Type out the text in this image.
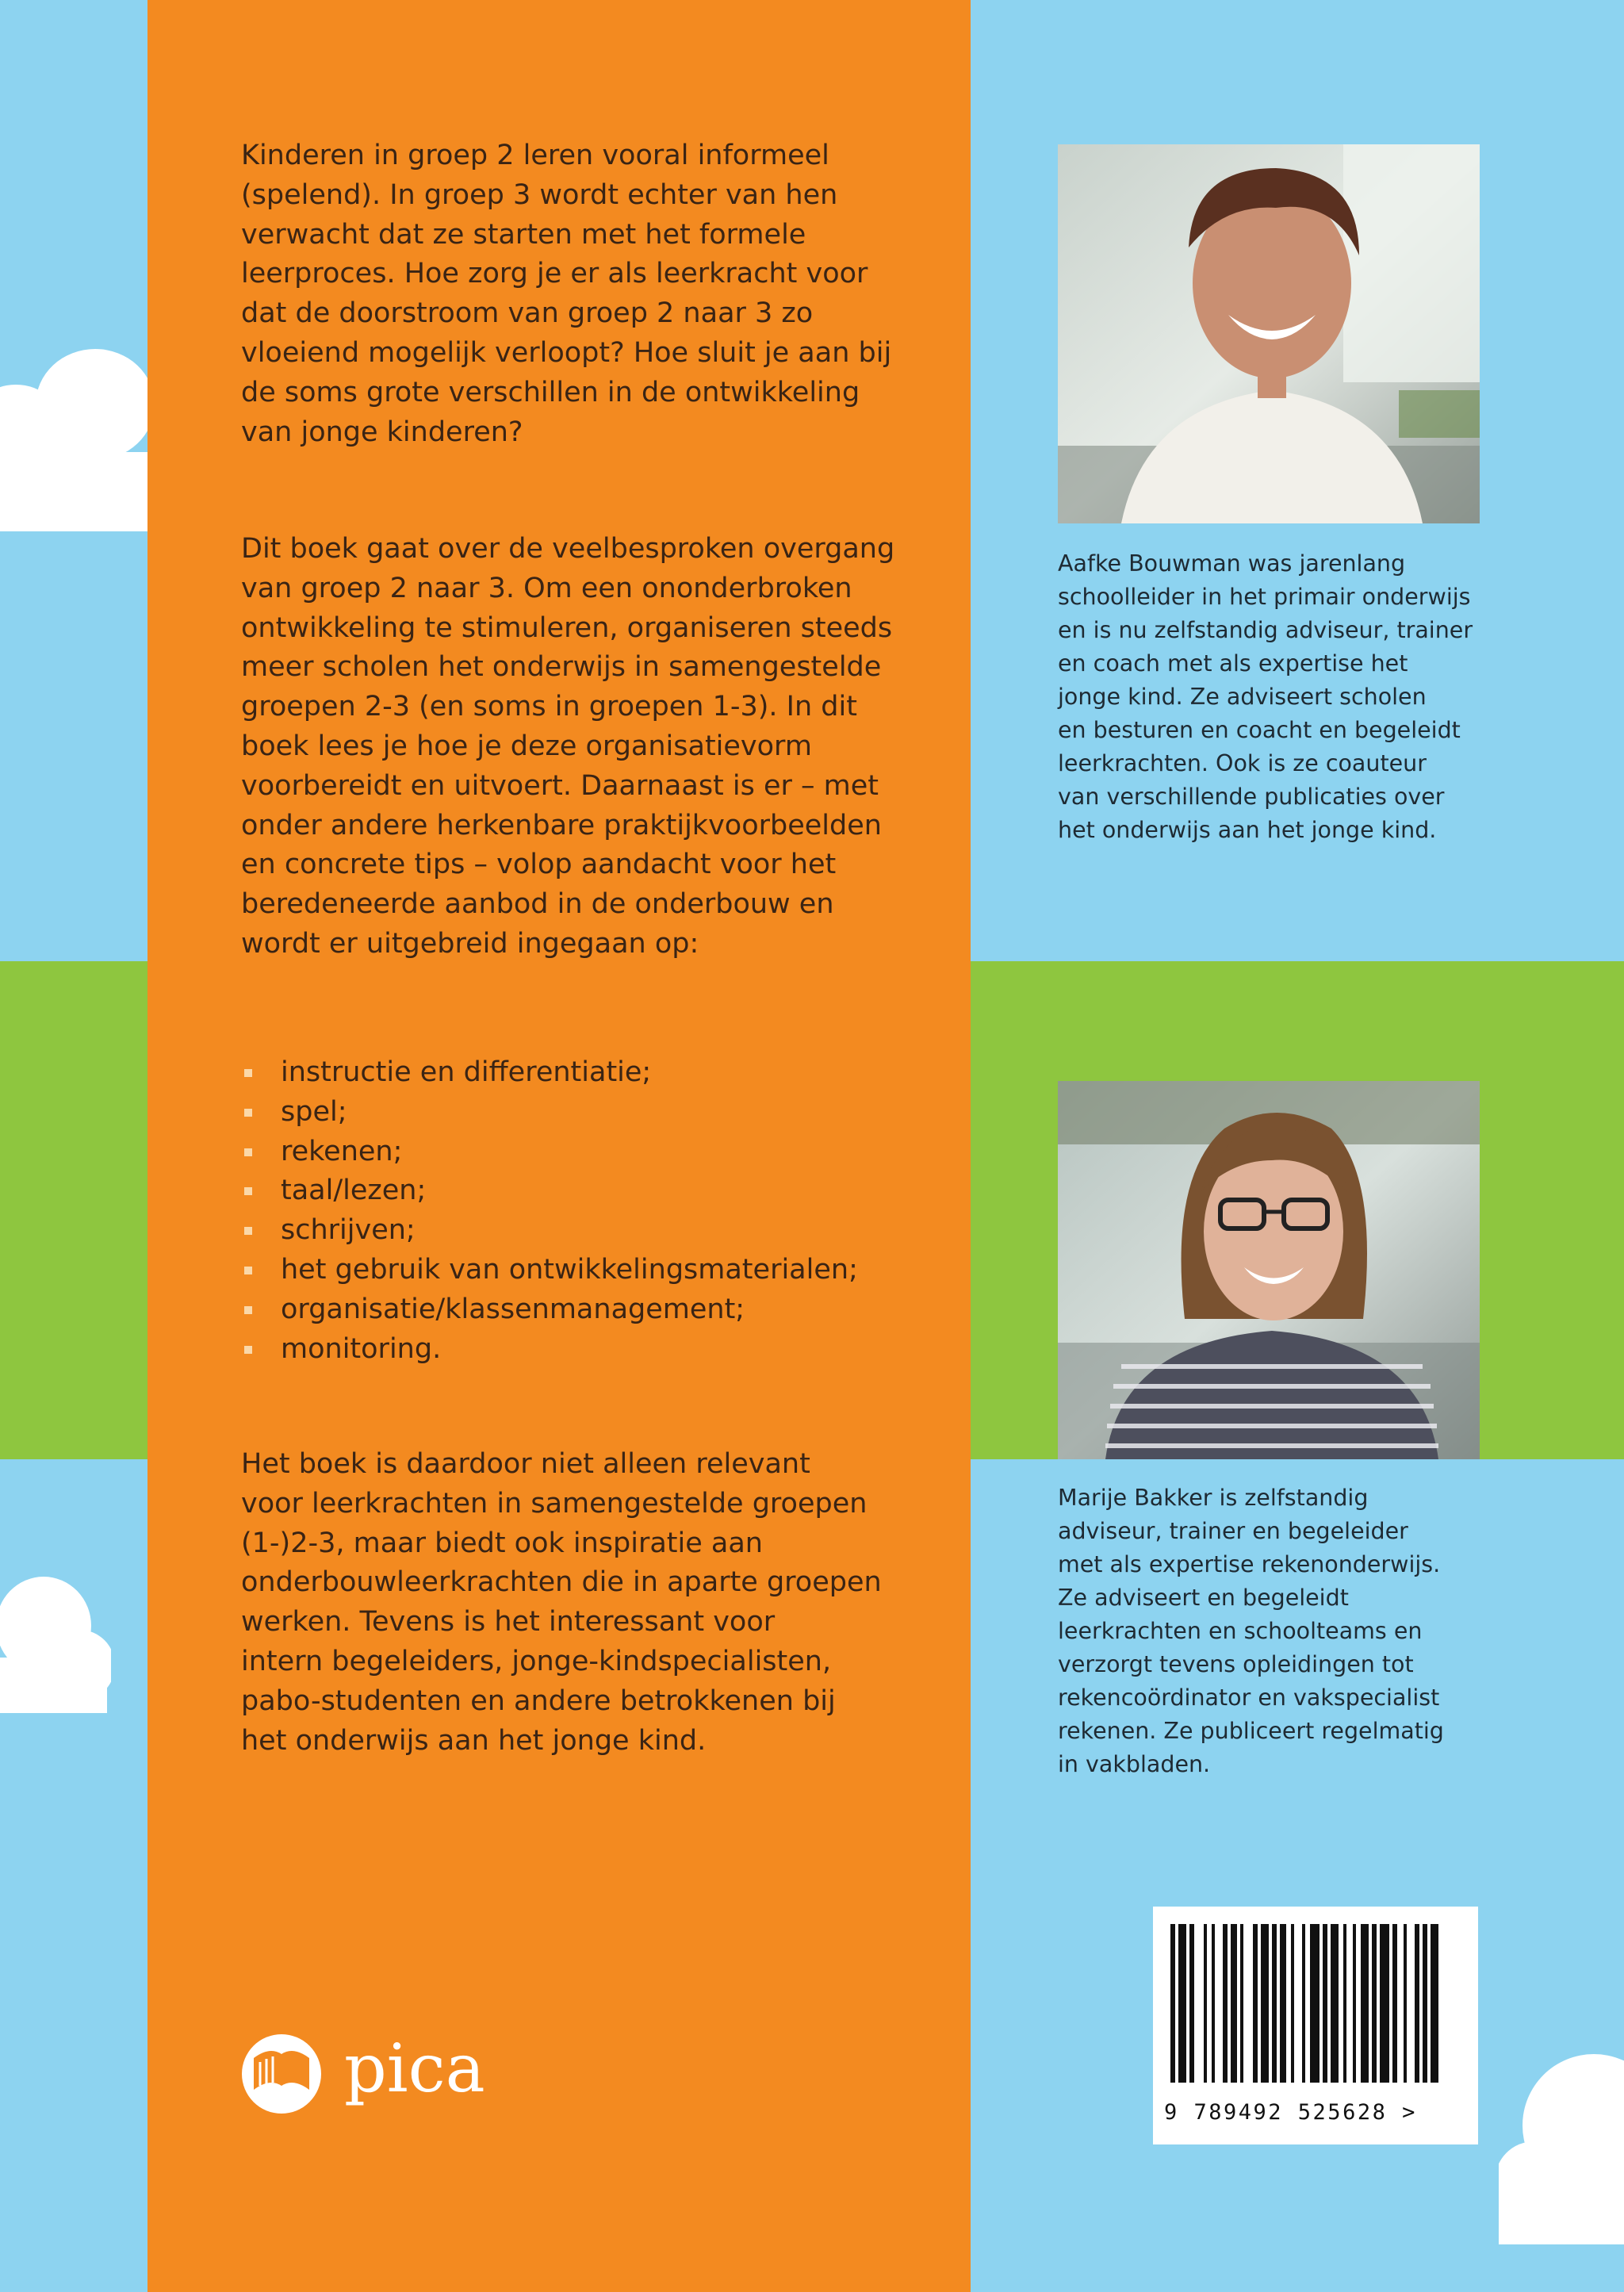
Kinderen in groep 2 leren vooral informeel

(spelend). In groep 3 wordt echter van hen

verwacht dat ze starten met het formele

leerproces. Hoe zorg je er als leerkracht voor

dat de doorstroom van groep 2 naar 3 zo

vloeiend mogelijk verloopt? Hoe sluit je aan bij

de soms grote verschillen in de ontwikkeling

van jonge kinderen?

Dit boek gaat over de veelbesproken overgang

van groep 2 naar 3. Om een ononderbroken

ontwikkeling te stimuleren, organiseren steeds

meer scholen het onderwijs in samengestelde

groepen 2-3 (en soms in groepen 1-3). In dit

boek lees je hoe je deze organisatievorm

voorbereidt en uitvoert. Daarnaast is er – met

onder andere herkenbare praktijkvoorbeelden

en concrete tips – volop aandacht voor het

beredeneerde aanbod in de onderbouw en

wordt er uitgebreid ingegaan op:

instructie en differentiatie;
spel;
rekenen;
taal/lezen;
schrijven;
het gebruik van ontwikkelingsmaterialen;
organisatie/klassenmanagement;
monitoring.

Het boek is daardoor niet alleen relevant

voor leerkrachten in samengestelde groepen

(1-)2-3, maar biedt ook inspiratie aan

onderbouwleerkrachten die in aparte groepen

werken. Tevens is het interessant voor

intern begeleiders, jonge-kindspecialisten,

pabo-studenten en andere betrokkenen bij

het onderwijs aan het jonge kind.

Aafke Bouwman was jarenlang
schoolleider in het primair onderwijs
en is nu zelfstandig adviseur, trainer
en coach met als expertise het
jonge kind. Ze adviseert scholen
en besturen en coacht en begeleidt
leerkrachten. Ook is ze coauteur
van verschillende publicaties over
het onderwijs aan het jonge kind.
Marije Bakker is zelfstandig
adviseur, trainer en begeleider
met als expertise rekenonderwijs.
Ze adviseert en begeleidt
leerkrachten en schoolteams en
verzorgt tevens opleidingen tot
rekencoördinator en vakspecialist
rekenen. Ze publiceert regelmatig
in vakbladen.
9 789492 525628 >
pica
